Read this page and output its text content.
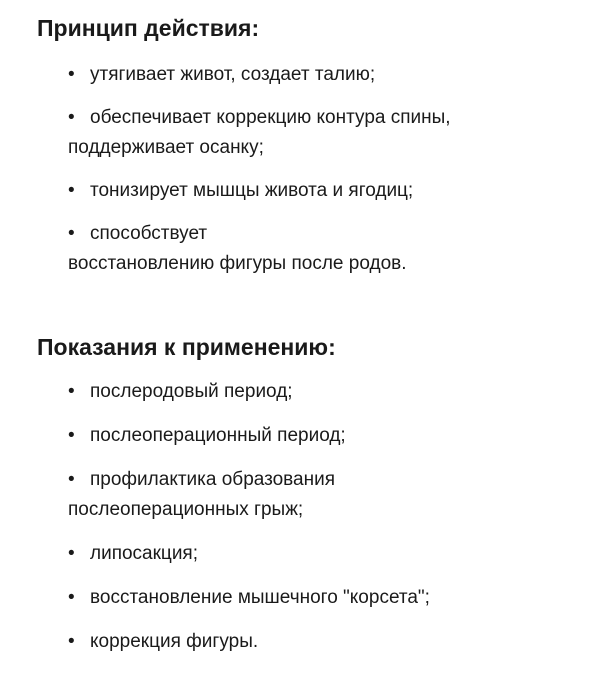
Принцип действия:
• утягивает живот, создает талию;
• обеспечивает коррекцию контура спины,
поддерживает осанку;
• тонизирует мышцы живота и ягодиц;
• способствует
восстановлению фигуры после родов.
Показания к применению:
• послеродовый период;
• послеоперационный период;
• профилактика образования
послеоперационных грыж;
• липосакция;
• восстановление мышечного "корсета";
• коррекция фигуры.
